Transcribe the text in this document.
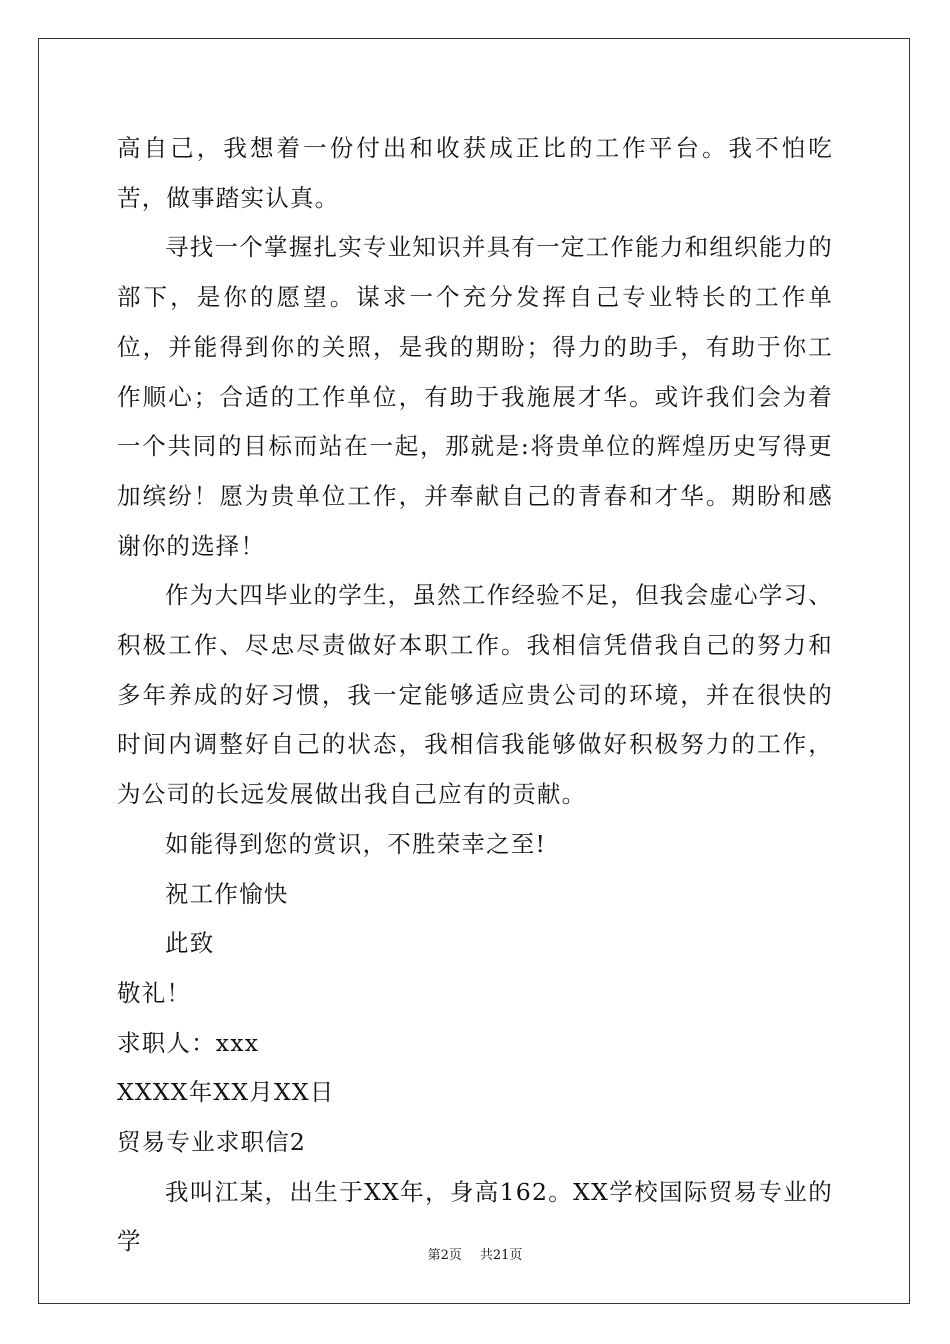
高自己，我想着一份付出和收获成正比的工作平台。我不怕吃苦，做事踏实认真。

寻找一个掌握扎实专业知识并具有一定工作能力和组织能力的部下，是你的愿望。谋求一个充分发挥自己专业特长的工作单位，并能得到你的关照，是我的期盼；得力的助手，有助于你工作顺心；合适的工作单位，有助于我施展才华。或许我们会为着一个共同的目标而站在一起，那就是:将贵单位的辉煌历史写得更加缤纷！愿为贵单位工作，并奉献自己的青春和才华。期盼和感谢你的选择！

作为大四毕业的学生，虽然工作经验不足，但我会虚心学习、积极工作、尽忠尽责做好本职工作。我相信凭借我自己的努力和多年养成的好习惯，我一定能够适应贵公司的环境，并在很快的时间内调整好自己的状态，我相信我能够做好积极努力的工作，为公司的长远发展做出我自己应有的贡献。

如能得到您的赏识，不胜荣幸之至!

祝工作愉快

此致

敬礼！

求职人：xxx

XXXX年XX月XX日

贸易专业求职信2

我叫江某，出生于XX年，身高162。XX学校国际贸易专业的学

第2页 共21页
